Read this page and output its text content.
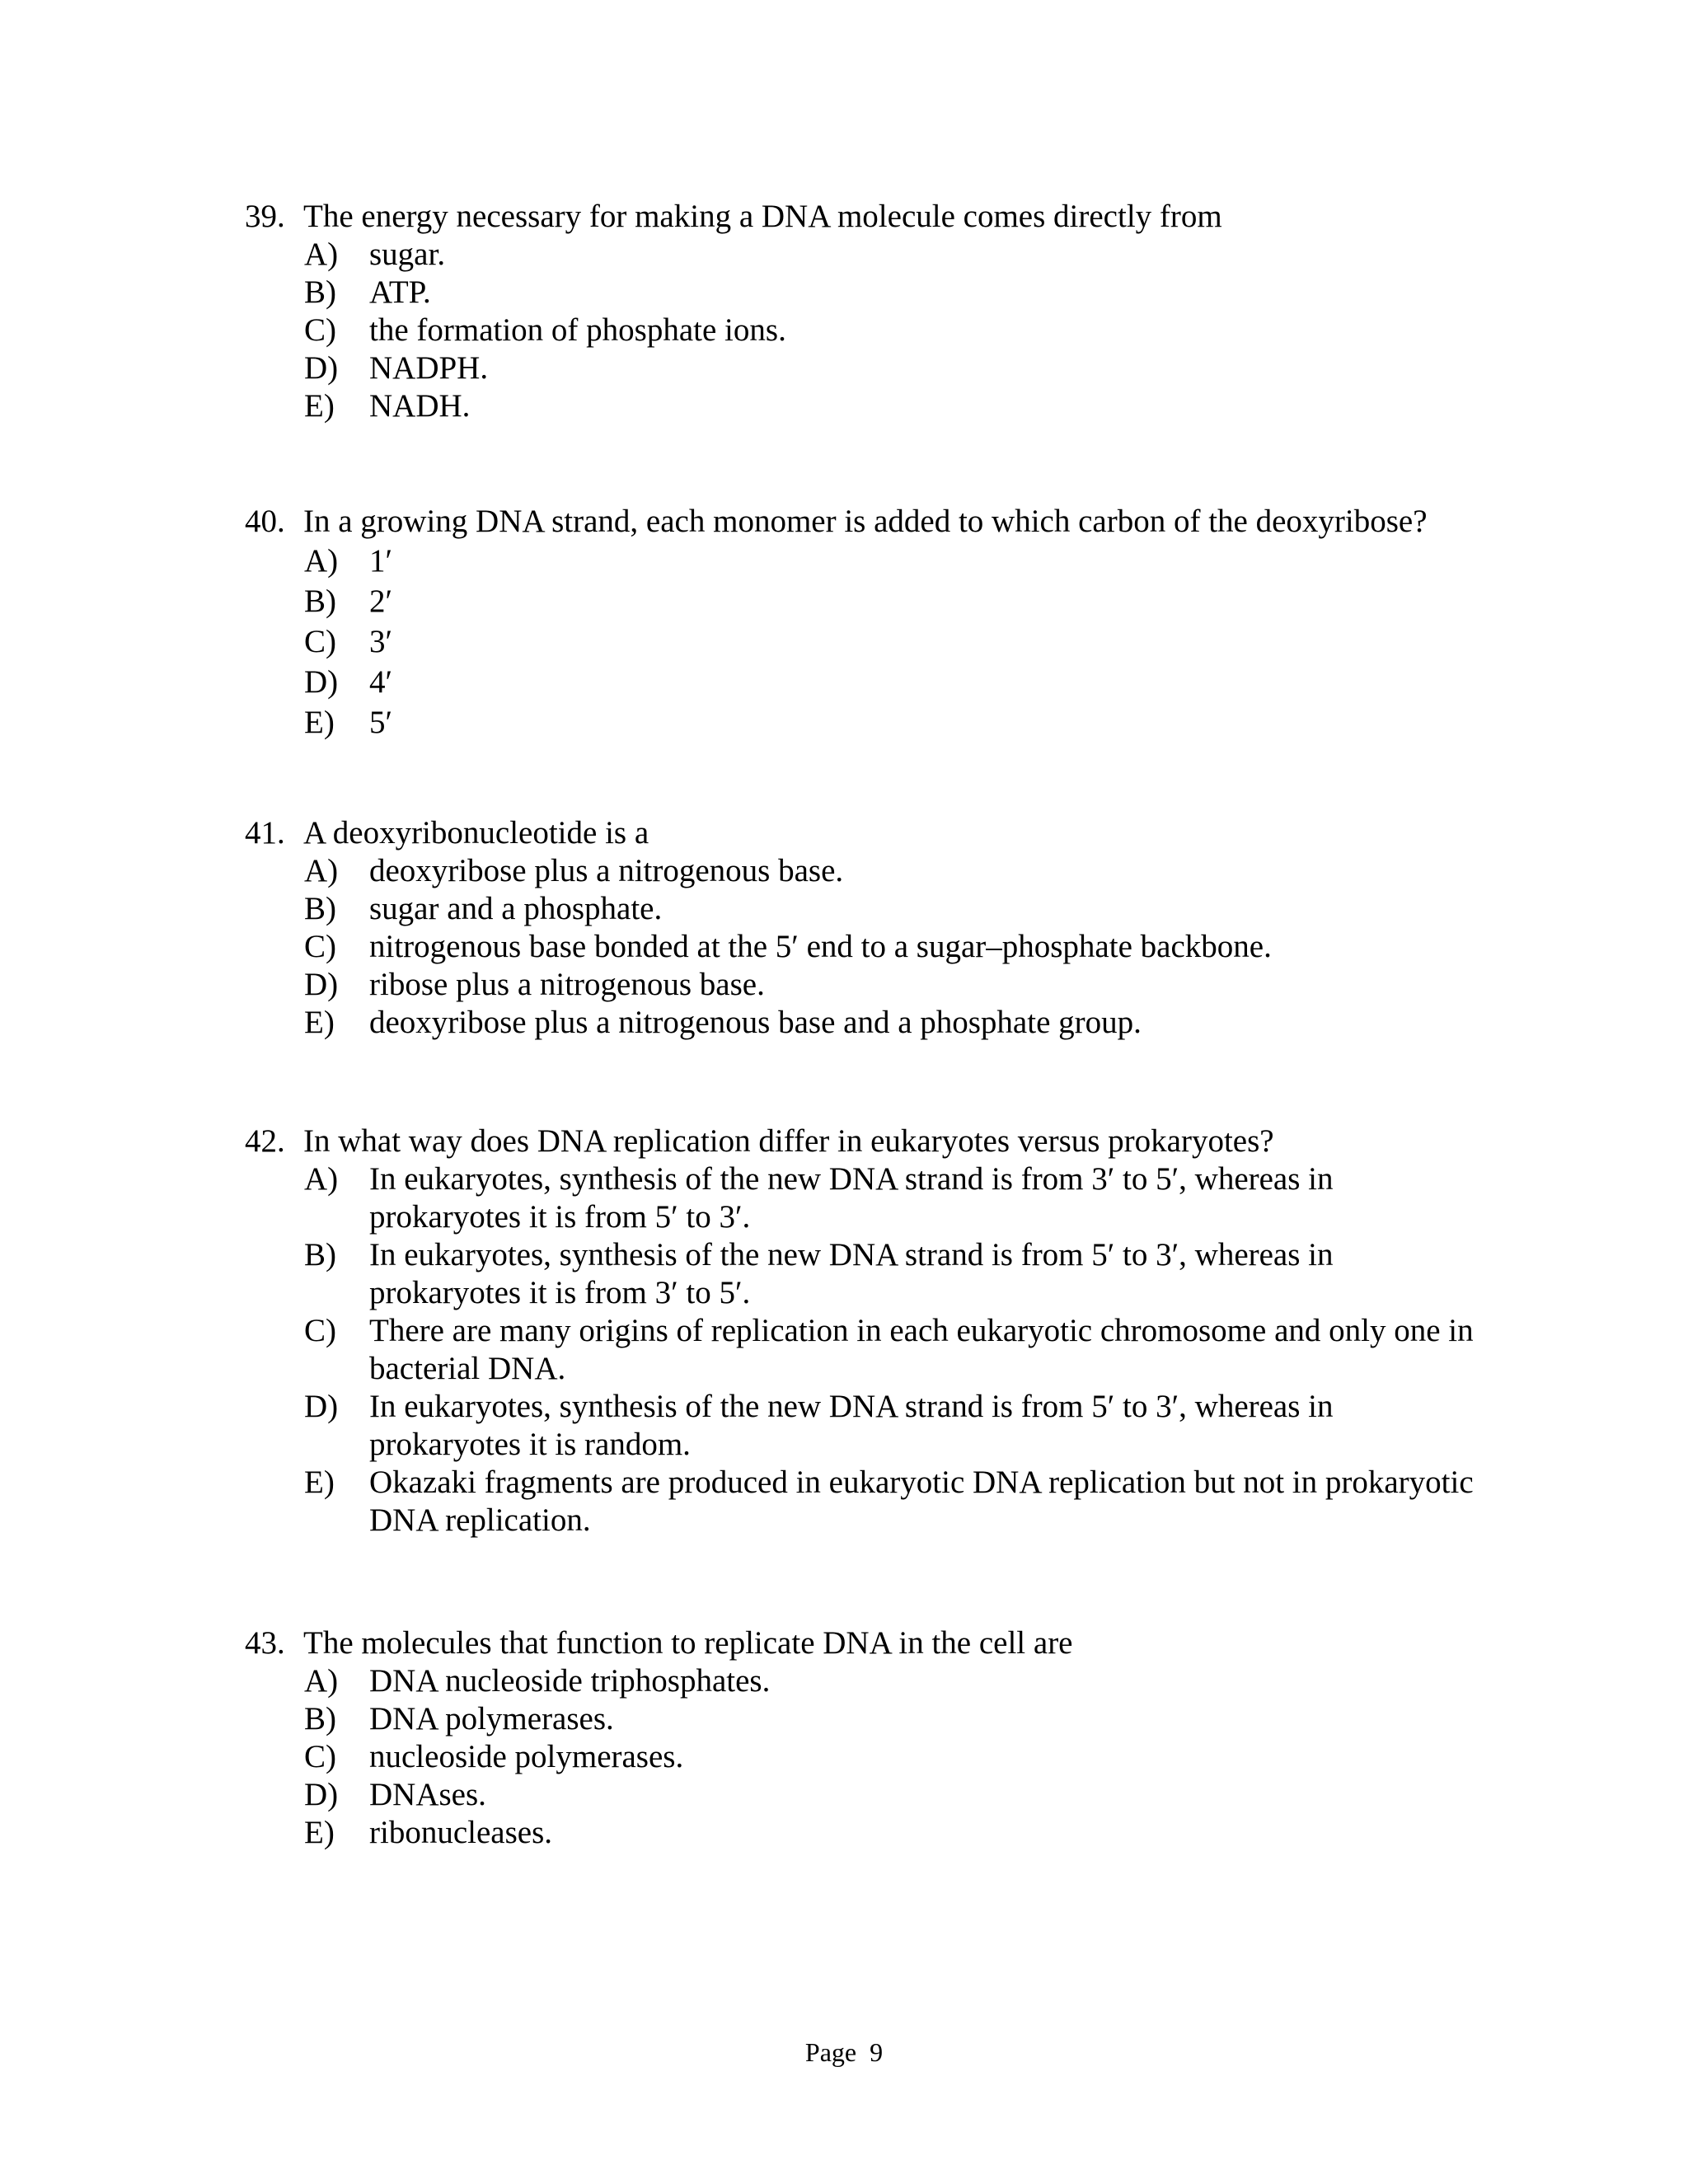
39. The energy necessary for making a DNA molecule comes directly from
A) sugar.
B) ATP.
C) the formation of phosphate ions.
D) NADPH.
E) NADH.
40. In a growing DNA strand, each monomer is added to which carbon of the deoxyribose?
A) 1′
B) 2′
C) 3′
D) 4′
E) 5′
41. A deoxyribonucleotide is a
A) deoxyribose plus a nitrogenous base.
B) sugar and a phosphate.
C) nitrogenous base bonded at the 5′ end to a sugar–phosphate backbone.
D) ribose plus a nitrogenous base.
E) deoxyribose plus a nitrogenous base and a phosphate group.
42. In what way does DNA replication differ in eukaryotes versus prokaryotes?
A) In eukaryotes, synthesis of the new DNA strand is from 3′ to 5′, whereas in prokaryotes it is from 5′ to 3′.
B) In eukaryotes, synthesis of the new DNA strand is from 5′ to 3′, whereas in prokaryotes it is from 3′ to 5′.
C) There are many origins of replication in each eukaryotic chromosome and only one in bacterial DNA.
D) In eukaryotes, synthesis of the new DNA strand is from 5′ to 3′, whereas in prokaryotes it is random.
E) Okazaki fragments are produced in eukaryotic DNA replication but not in prokaryotic DNA replication.
43. The molecules that function to replicate DNA in the cell are
A) DNA nucleoside triphosphates.
B) DNA polymerases.
C) nucleoside polymerases.
D) DNAses.
E) ribonucleases.
Page  9
